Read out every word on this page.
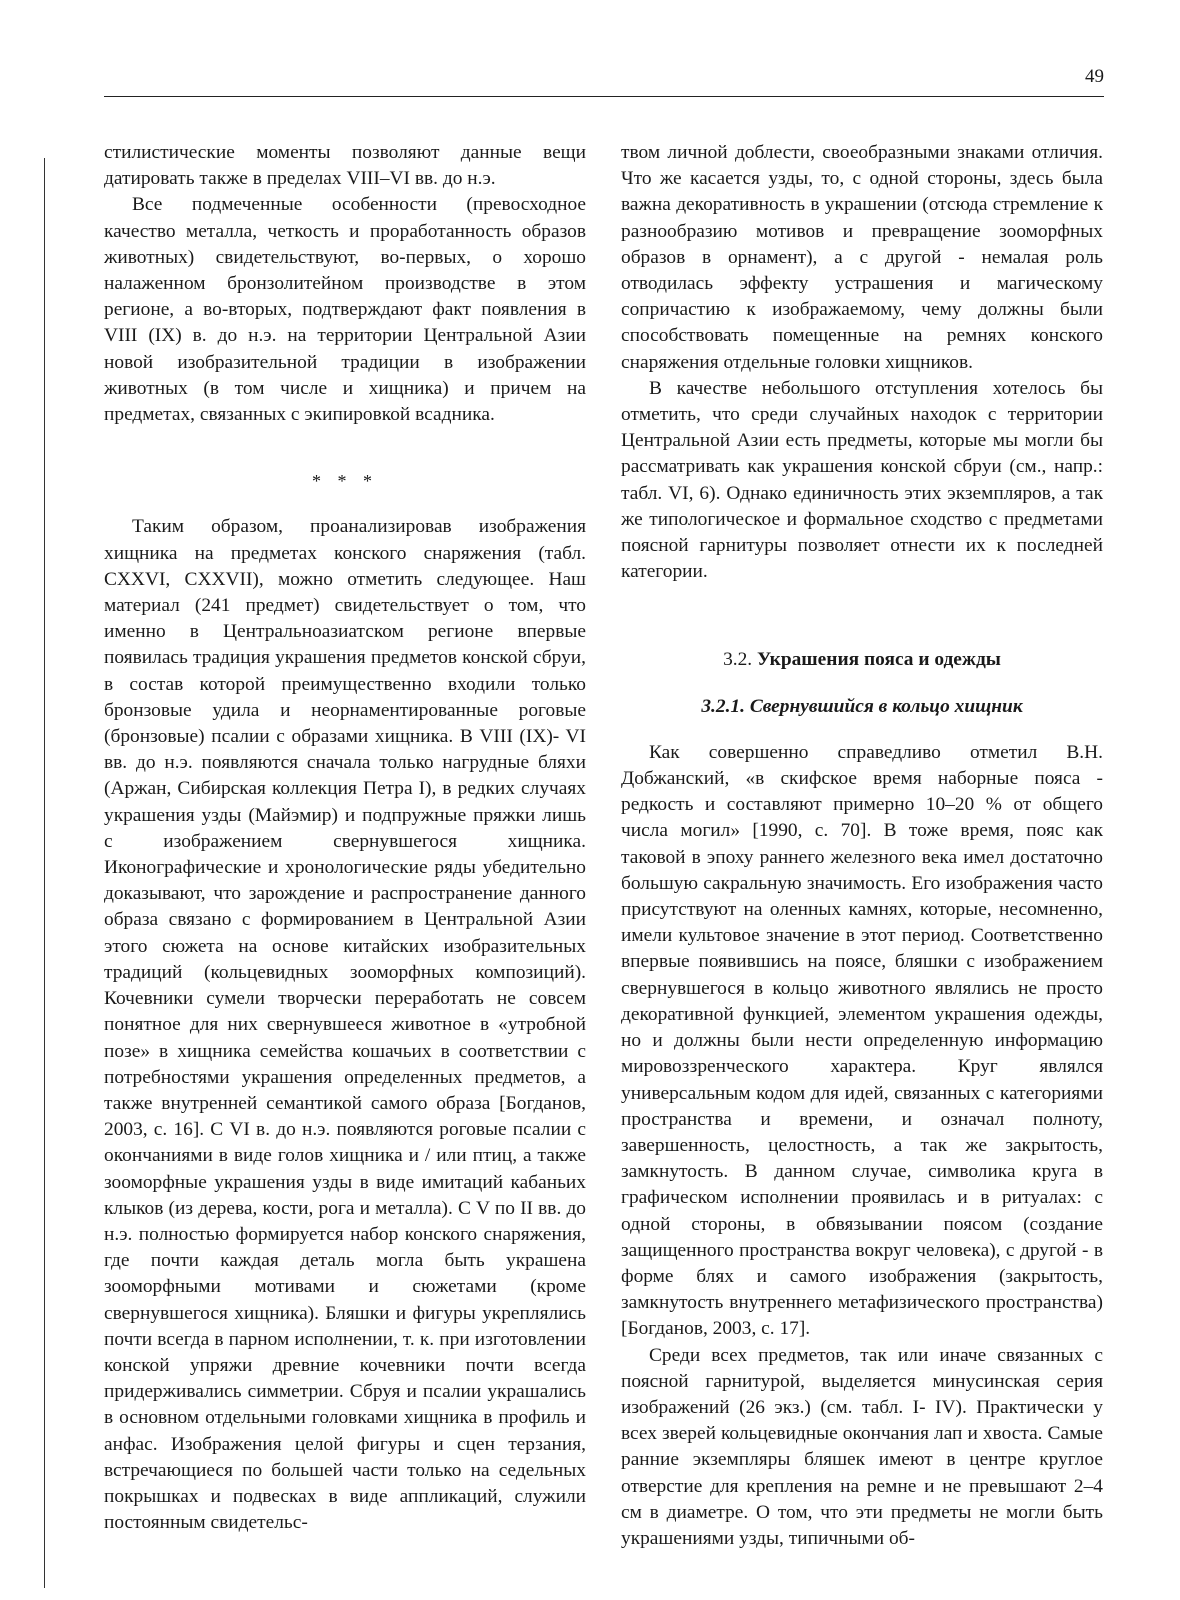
49

стилистические моменты позволяют данные вещи датировать также в пределах VIII–VI вв. до н.э.

Все подмеченные особенности (превосходное качество металла, четкость и проработанность образов животных) свидетельствуют, во-первых, о хорошо налаженном бронзолитейном производстве в этом регионе, а во-вторых, подтверждают факт появления в VIII (IX) в. до н.э. на территории Центральной Азии новой изобразительной традиции в изображении животных (в том числе и хищника) и причем на предметах, связанных с экипировкой всадника.

* * *

Таким образом, проанализировав изображения хищника на предметах конского снаряжения (табл. CXXVI, CXXVII), можно отметить следующее. Наш материал (241 предмет) свидетельствует о том, что именно в Центральноазиатском регионе впервые появилась традиция украшения предметов конской сбруи, в состав которой преимущественно входили только бронзовые удила и неорнаментированные роговые (бронзовые) псалии с образами хищника. В VIII (IX)- VI вв. до н.э. появляются сначала только нагрудные бляхи (Аржан, Сибирская коллекция Петра I), в редких случаях украшения узды (Майэмир) и подпружные пряжки лишь с изображением свернувшегося хищника. Иконографические и хронологические ряды убедительно доказывают, что зарождение и распространение данного образа связано с формированием в Центральной Азии этого сюжета на основе китайских изобразительных традиций (кольцевидных зооморфных композиций). Кочевники сумели творчески переработать не совсем понятное для них свернувшееся животное в «утробной позе» в хищника семейства кошачьих в соответствии с потребностями украшения определенных предметов, а также внутренней семантикой самого образа [Богданов, 2003, с. 16]. С VI в. до н.э. появляются роговые псалии с окончаниями в виде голов хищника и / или птиц, а также зооморфные украшения узды в виде имитаций кабаньих клыков (из дерева, кости, рога и металла). С V по II вв. до н.э. полностью формируется набор конского снаряжения, где почти каждая деталь могла быть украшена зооморфными мотивами и сюжетами (кроме свернувшегося хищника). Бляшки и фигуры укреплялись почти всегда в парном исполнении, т. к. при изготовлении конской упряжи древние кочевники почти всегда придерживались симметрии. Сбруя и псалии украшались в основном отдельными головками хищника в профиль и анфас. Изображения целой фигуры и сцен терзания, встречающиеся по большей части только на седельных покрышках и подвесках в виде аппликаций, служили постоянным свидетельс-

твом личной доблести, своеобразными знаками отличия. Что же касается узды, то, с одной стороны, здесь была важна декоративность в украшении (отсюда стремление к разнообразию мотивов и превращение зооморфных образов в орнамент), а с другой - немалая роль отводилась эффекту устрашения и магическому сопричастию к изображаемому, чему должны были способствовать помещенные на ремнях конского снаряжения отдельные головки хищников.

В качестве небольшого отступления хотелось бы отметить, что среди случайных находок с территории Центральной Азии есть предметы, которые мы могли бы рассматривать как украшения конской сбруи (см., напр.: табл. VI, 6). Однако единичность этих экземпляров, а так же типологическое и формальное сходство с предметами поясной гарнитуры позволяет отнести их к последней категории.

3.2. Украшения пояса и одежды
3.2.1. Свернувшийся в кольцо хищник

Как совершенно справедливо отметил В.Н. Добжанский, «в скифское время наборные пояса - редкость и составляют примерно 10–20 % от общего числа могил» [1990, с. 70]. В тоже время, пояс как таковой в эпоху раннего железного века имел достаточно большую сакральную значимость. Его изображения часто присутствуют на оленных камнях, которые, несомненно, имели культовое значение в этот период. Соответственно впервые появившись на поясе, бляшки с изображением свернувшегося в кольцо животного являлись не просто декоративной функцией, элементом украшения одежды, но и должны были нести определенную информацию мировоззренческого характера. Круг являлся универсальным кодом для идей, связанных с категориями пространства и времени, и означал полноту, завершенность, целостность, а так же закрытость, замкнутость. В данном случае, символика круга в графическом исполнении проявилась и в ритуалах: с одной стороны, в обвязывании поясом (создание защищенного пространства вокруг человека), с другой - в форме блях и самого изображения (закрытость, замкнутость внутреннего метафизического пространства) [Богданов, 2003, с. 17].

Среди всех предметов, так или иначе связанных с поясной гарнитурой, выделяется минусинская серия изображений (26 экз.) (см. табл. I- IV). Практически у всех зверей кольцевидные окончания лап и хвоста. Самые ранние экземпляры бляшек имеют в центре круглое отверстие для крепления на ремне и не превышают 2–4 см в диаметре. О том, что эти предметы не могли быть украшениями узды, типичными об-
